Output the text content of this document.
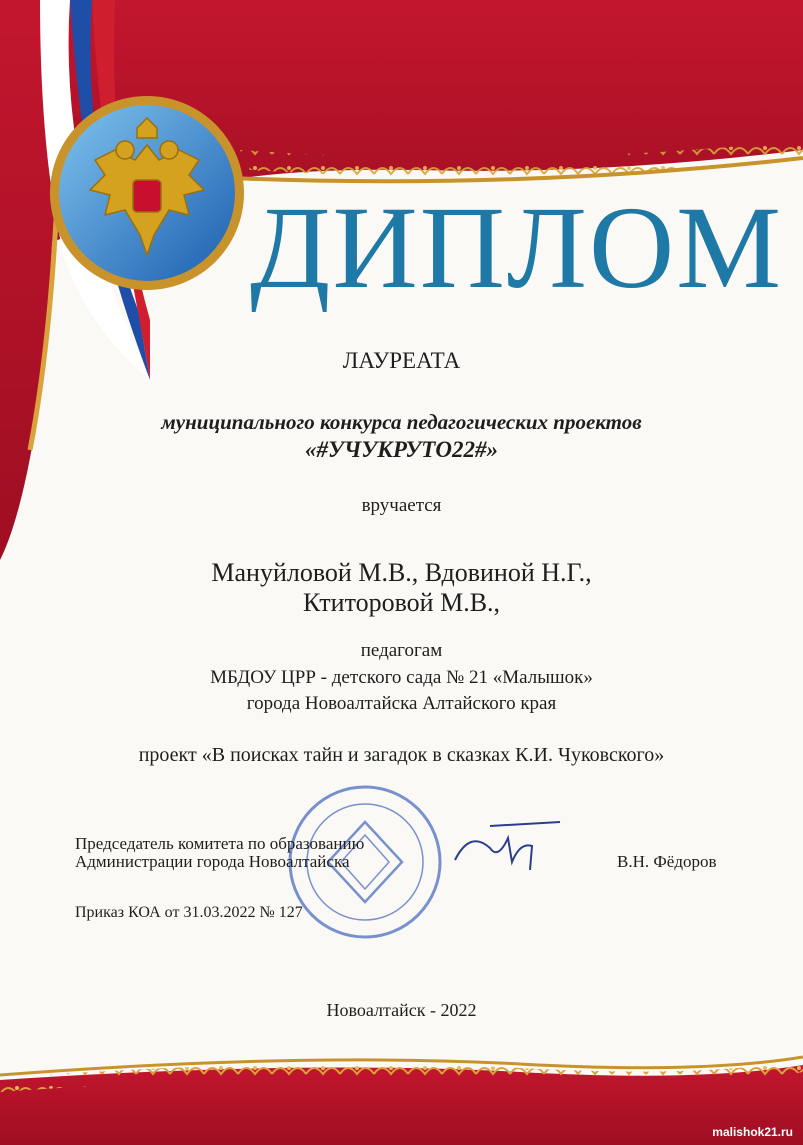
ДИПЛОМ
ЛАУРЕАТА
муниципального конкурса педагогических проектов
«#УЧУКРУТО22#»
вручается
Мануйловой М.В., Вдовиной Н.Г.,
Ктиторовой М.В.,
педагогам
МБДОУ ЦРР - детского сада № 21 «Малышок»
города Новоалтайска Алтайского края
проект «В поисках тайн и загадок в сказках К.И. Чуковского»
Председатель комитета по образованию
Администрации города Новоалтайска	В.Н. Фёдоров
Приказ КОА от 31.03.2022 № 127
Новоалтайск - 2022
malishok21.ru
